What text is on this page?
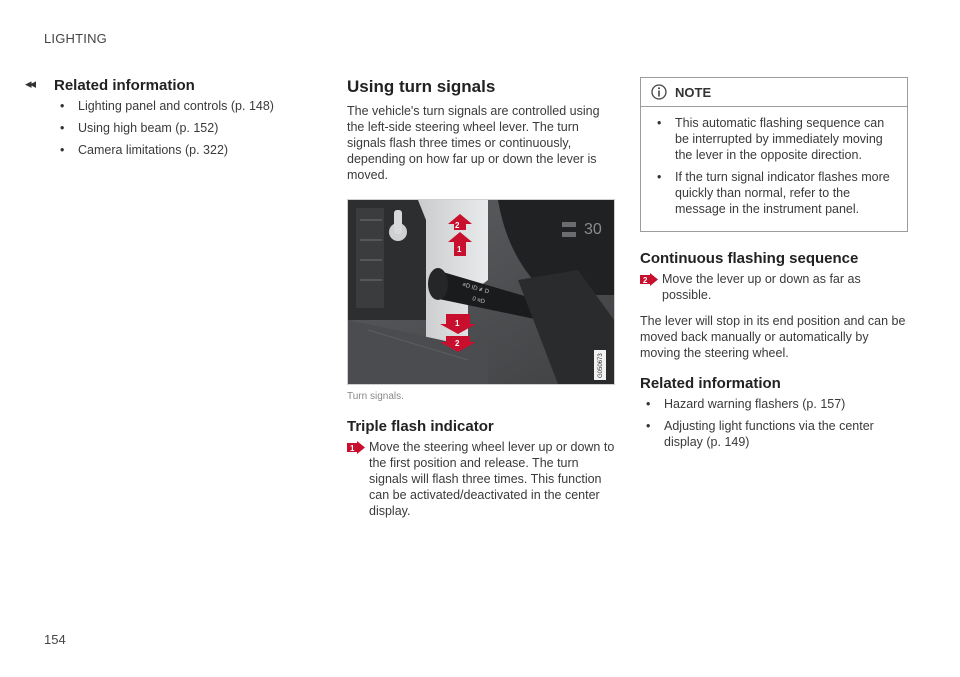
LIGHTING
◂◂
154
Related information
• Lighting panel and controls (p. 148)
• Using high beam (p. 152)
• Camera limitations (p. 322)
Using turn signals

The vehicle's turn signals are controlled using the left-side steering wheel lever. The turn signals flash three times or continuously, depending on how far up or down the lever is moved.

30
≡D ID ≢D
0 ≡D
2
1
1
2
G050673
Turn signals.
Triple flash indicator
1 Move the steering wheel lever up or down to the first position and release. The turn signals will flash three times. This function can be activated/deactivated in the center display.

NOTE
• This automatic flashing sequence can be interrupted by immediately moving the lever in the opposite direction.
• If the turn signal indicator flashes more quickly than normal, refer to the message in the instrument panel.
Continuous flashing sequence
2 Move the lever up or down as far as possible.

The lever will stop in its end position and can be moved back manually or automatically by moving the steering wheel.

Related information
• Hazard warning flashers (p. 157)
• Adjusting light functions via the center display (p. 149)
